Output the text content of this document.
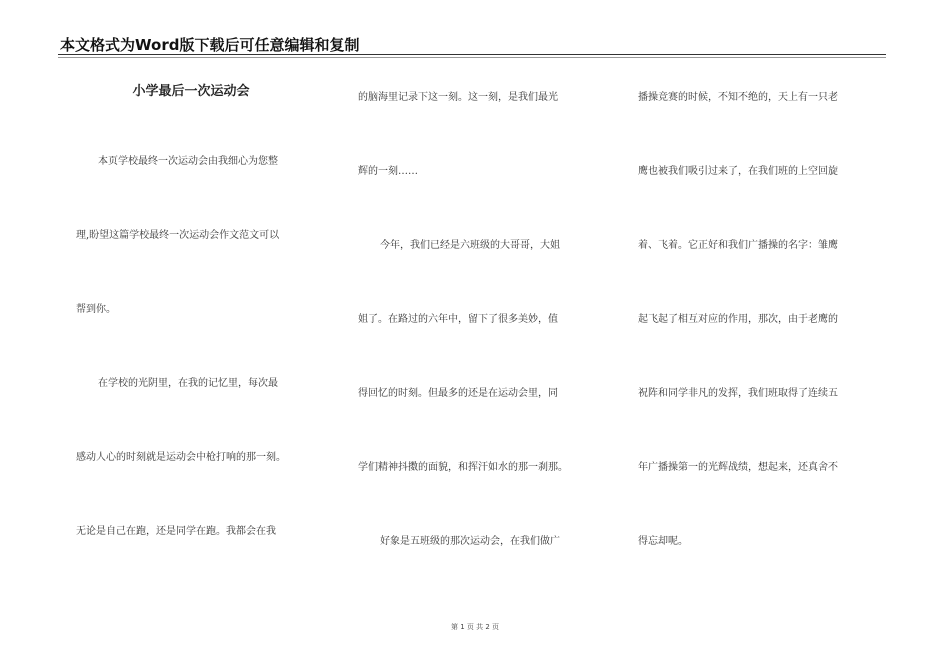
本文格式为Word版下载后可任意编辑和复制
小学最后一次运动会
本页学校最终一次运动会由我细心为您整
理,盼望这篇学校最终一次运动会作文范文可以
帮到你。
在学校的光阴里，在我的记忆里，每次最
感动人心的时刻就是运动会中枪打响的那一刻。
无论是自己在跑，还是同学在跑。我都会在我
的脑海里记录下这一刻。这一刻，是我们最光
辉的一刻……
今年，我们已经是六班级的大哥哥，大姐
姐了。在路过的六年中，留下了很多美妙，值
得回忆的时刻。但最多的还是在运动会里，同
学们精神抖擞的面貌，和挥汗如水的那一刹那。
好象是五班级的那次运动会，在我们做广
播操竞赛的时候，不知不绝的，天上有一只老
鹰也被我们吸引过来了，在我们班的上空回旋
着、飞着。它正好和我们广播操的名字：雏鹰
起飞起了相互对应的作用，那次，由于老鹰的
祝阵和同学非凡的发挥，我们班取得了连续五
年广播操第一的光辉战绩，想起来，还真舍不
得忘却呢。
第 1 页 共 2 页
